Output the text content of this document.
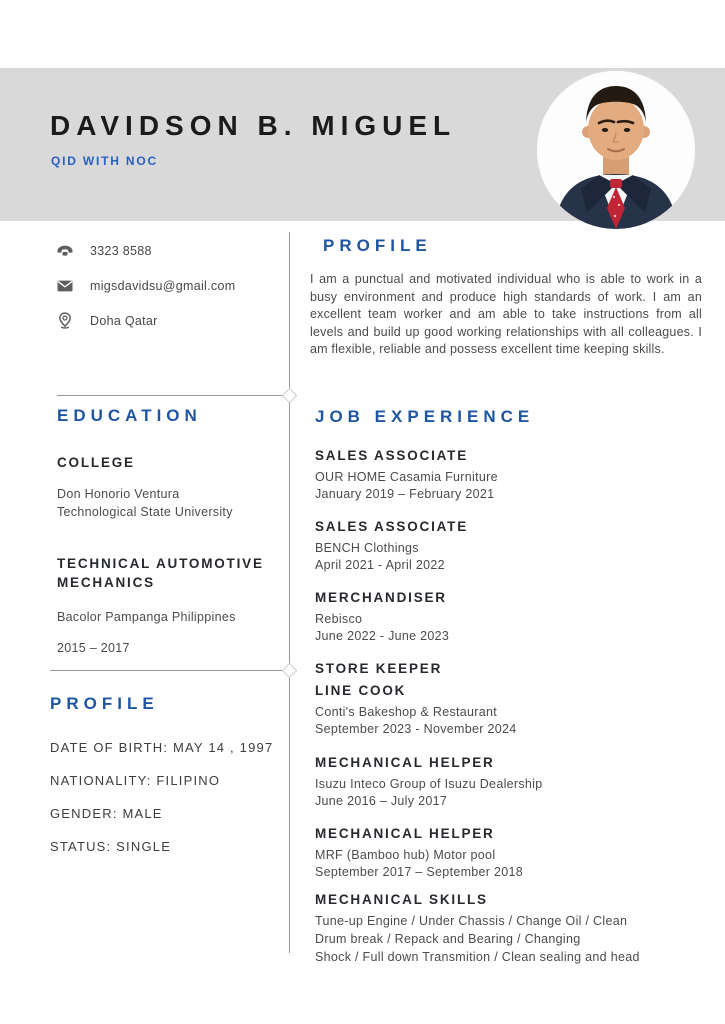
DAVIDSON B. MIGUEL
QID WITH NOC
3323 8588
migsdavidsu@gmail.com
Doha Qatar
PROFILE
I am a punctual and motivated individual who is able to work in a busy environment and produce high standards of work. I am an excellent team worker and am able to take instructions from all levels and build up good working relationships with all colleagues. I am flexible, reliable and possess excellent time keeping skills.
EDUCATION
COLLEGE
Don Honorio Ventura
Technological State University
TECHNICAL AUTOMOTIVE MECHANICS
Bacolor Pampanga Philippines
2015 – 2017
PROFILE
DATE OF BIRTH: MAY 14 , 1997
NATIONALITY: FILIPINO
GENDER: MALE
STATUS: SINGLE
JOB EXPERIENCE
SALES ASSOCIATE
OUR HOME Casamia Furniture
January 2019 – February 2021
SALES ASSOCIATE
BENCH Clothings
April 2021 - April 2022
MERCHANDISER
Rebisco
June 2022 - June 2023
STORE KEEPER
LINE COOK
Conti's Bakeshop & Restaurant
September 2023 - November 2024
MECHANICAL HELPER
Isuzu Inteco Group of Isuzu Dealership
June 2016 – July 2017
MECHANICAL HELPER
MRF (Bamboo hub) Motor pool
September 2017 – September 2018
MECHANICAL SKILLS
Tune-up Engine / Under Chassis / Change Oil / Clean
Drum break / Repack and Bearing / Changing
Shock / Full down Transmition / Clean sealing and head
